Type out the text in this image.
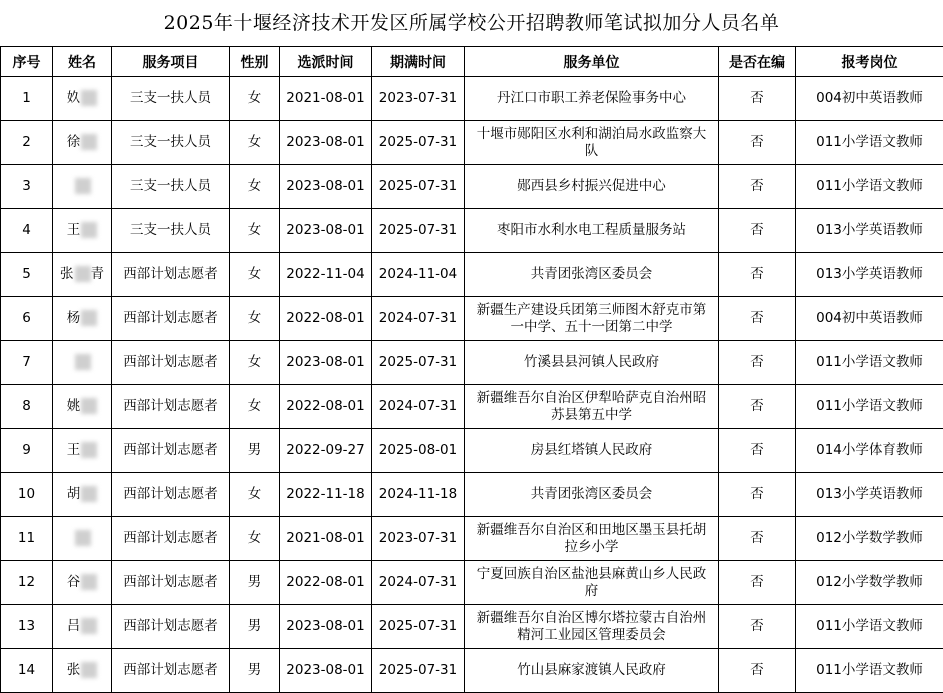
2025年十堰经济技术开发区所属学校公开招聘教师笔试拟加分人员名单
序号	姓名	服务项目	性别	选派时间	期满时间	服务单位	是否在编	报考岗位
1	奺	三支一扶人员	女	2021-08-01	2023-07-31	丹江口市职工养老保险事务中心	否	004初中英语教师
2	徐	三支一扶人员	女	2023-08-01	2025-07-31	十堰市郧阳区水利和湖泊局水政监察大队	否	011小学语文教师
3		三支一扶人员	女	2023-08-01	2025-07-31	郧西县乡村振兴促进中心	否	011小学语文教师
4	王	三支一扶人员	女	2023-08-01	2025-07-31	枣阳市水利水电工程质量服务站	否	013小学英语教师
5	张 青	西部计划志愿者	女	2022-11-04	2024-11-04	共青团张湾区委员会	否	013小学英语教师
6	杨	西部计划志愿者	女	2022-08-01	2024-07-31	新疆生产建设兵团第三师图木舒克市第一中学、五十一团第二中学	否	004初中英语教师
7		西部计划志愿者	女	2023-08-01	2025-07-31	竹溪县县河镇人民政府	否	011小学语文教师
8	姚	西部计划志愿者	女	2022-08-01	2024-07-31	新疆维吾尔自治区伊犁哈萨克自治州昭苏县第五中学	否	011小学语文教师
9	王	西部计划志愿者	男	2022-09-27	2025-08-01	房县红塔镇人民政府	否	014小学体育教师
10	胡	西部计划志愿者	女	2022-11-18	2024-11-18	共青团张湾区委员会	否	013小学英语教师
11		西部计划志愿者	女	2021-08-01	2023-07-31	新疆维吾尔自治区和田地区墨玉县托胡拉乡小学	否	012小学数学教师
12	谷	西部计划志愿者	男	2022-08-01	2024-07-31	宁夏回族自治区盐池县麻黄山乡人民政府	否	012小学数学教师
13	吕	西部计划志愿者	男	2023-08-01	2025-07-31	新疆维吾尔自治区博尔塔拉蒙古自治州精河工业园区管理委员会	否	011小学语文教师
14	张	西部计划志愿者	男	2023-08-01	2025-07-31	竹山县麻家渡镇人民政府	否	011小学语文教师
